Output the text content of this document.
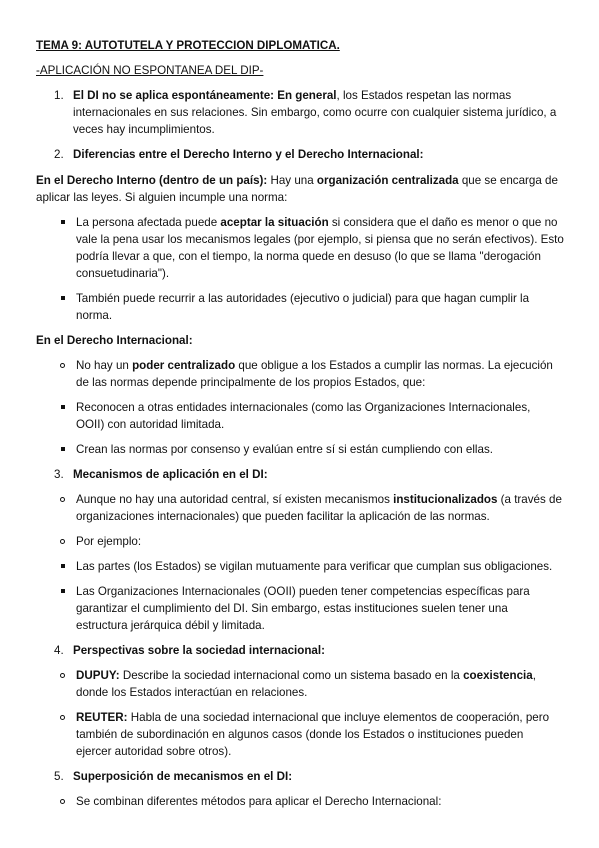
TEMA 9: AUTOTUTELA Y PROTECCION DIPLOMATICA.
-APLICACIÓN NO ESPONTANEA DEL DIP-
1. El DI no se aplica espontáneamente: En general, los Estados respetan las normas
internacionales en sus relaciones. Sin embargo, como ocurre con cualquier sistema jurídico, a
veces hay incumplimientos.
2. Diferencias entre el Derecho Interno y el Derecho Internacional:
En el Derecho Interno (dentro de un país): Hay una organización centralizada que se encarga de
aplicar las leyes. Si alguien incumple una norma:
La persona afectada puede aceptar la situación si considera que el daño es menor o que no
vale la pena usar los mecanismos legales (por ejemplo, si piensa que no serán efectivos). Esto
podría llevar a que, con el tiempo, la norma quede en desuso (lo que se llama "derogación
consuetudinaria").
También puede recurrir a las autoridades (ejecutivo o judicial) para que hagan cumplir la
norma.
En el Derecho Internacional:
No hay un poder centralizado que obligue a los Estados a cumplir las normas. La ejecución
de las normas depende principalmente de los propios Estados, que:
Reconocen a otras entidades internacionales (como las Organizaciones Internacionales,
OOII) con autoridad limitada.
Crean las normas por consenso y evalúan entre sí si están cumpliendo con ellas.
3. Mecanismos de aplicación en el DI:
Aunque no hay una autoridad central, sí existen mecanismos institucionalizados (a través de
organizaciones internacionales) que pueden facilitar la aplicación de las normas.
Por ejemplo:
Las partes (los Estados) se vigilan mutuamente para verificar que cumplan sus obligaciones.
Las Organizaciones Internacionales (OOII) pueden tener competencias específicas para
garantizar el cumplimiento del DI. Sin embargo, estas instituciones suelen tener una
estructura jerárquica débil y limitada.
4. Perspectivas sobre la sociedad internacional:
DUPUY: Describe la sociedad internacional como un sistema basado en la coexistencia,
donde los Estados interactúan en relaciones.
REUTER: Habla de una sociedad internacional que incluye elementos de cooperación, pero
también de subordinación en algunos casos (donde los Estados o instituciones pueden
ejercer autoridad sobre otros).
5. Superposición de mecanismos en el DI:
Se combinan diferentes métodos para aplicar el Derecho Internacional:
